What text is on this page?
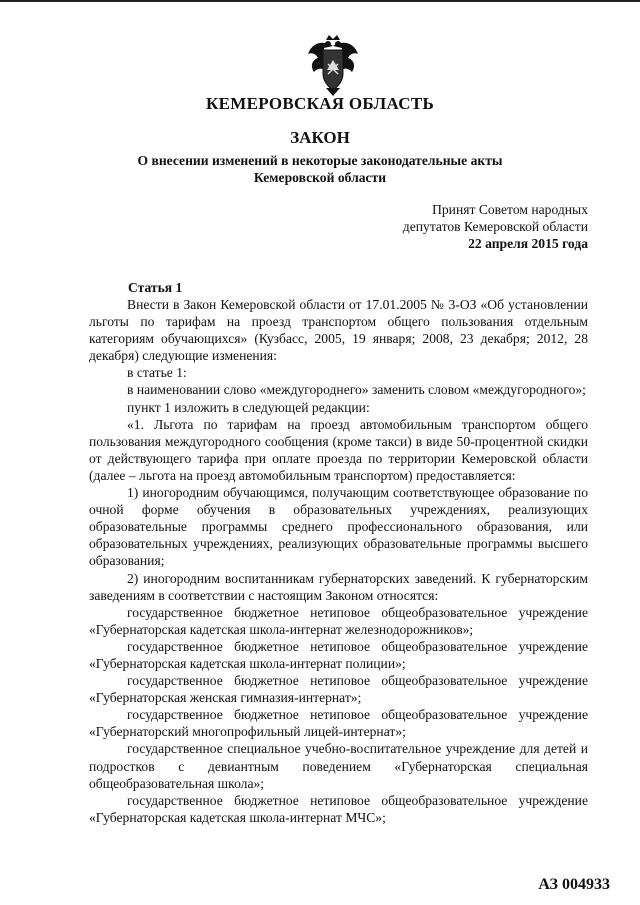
КЕМЕРОВСКАЯ ОБЛАСТЬ
ЗАКОН
О внесении изменений в некоторые законодательные акты
Кемеровской области
Принят Советом народных
депутатов Кемеровской области
22 апреля 2015 года
Статья 1

Внести в Закон Кемеровской области от 17.01.2005 № 3-ОЗ «Об установлении льготы по тарифам на проезд транспортом общего пользования отдельным категориям обучающихся» (Кузбасс, 2005, 19 января; 2008, 23 декабря; 2012, 28 декабря) следующие изменения:

в статье 1:

в наименовании слово «междугороднего» заменить словом «междугородного»;

пункт 1 изложить в следующей редакции:

«1. Льгота по тарифам на проезд автомобильным транспортом общего пользования междугородного сообщения (кроме такси) в виде 50-процентной скидки от действующего тарифа при оплате проезда по территории Кемеровской области (далее – льгота на проезд автомобильным транспортом) предоставляется:

1) иногородним обучающимся, получающим соответствующее образование по очной форме обучения в образовательных учреждениях, реализующих образовательные программы среднего профессионального образования, или образовательных учреждениях, реализующих образовательные программы высшего образования;

2) иногородним воспитанникам губернаторских заведений. К губернаторским заведениям в соответствии с настоящим Законом относятся:

государственное бюджетное нетиповое общеобразовательное учреждение «Губернаторская кадетская школа-интернат железнодорожников»;

государственное бюджетное нетиповое общеобразовательное учреждение «Губернаторская кадетская школа-интернат полиции»;

государственное бюджетное нетиповое общеобразовательное учреждение «Губернаторская женская гимназия-интернат»;

государственное бюджетное нетиповое общеобразовательное учреждение «Губернаторский многопрофильный лицей-интернат»;

государственное специальное учебно-воспитательное учреждение для детей и подростков с девиантным поведением «Губернаторская специальная общеобразовательная школа»;

государственное бюджетное нетиповое общеобразовательное учреждение «Губернаторская кадетская школа-интернат МЧС»;

АЗ 004933
